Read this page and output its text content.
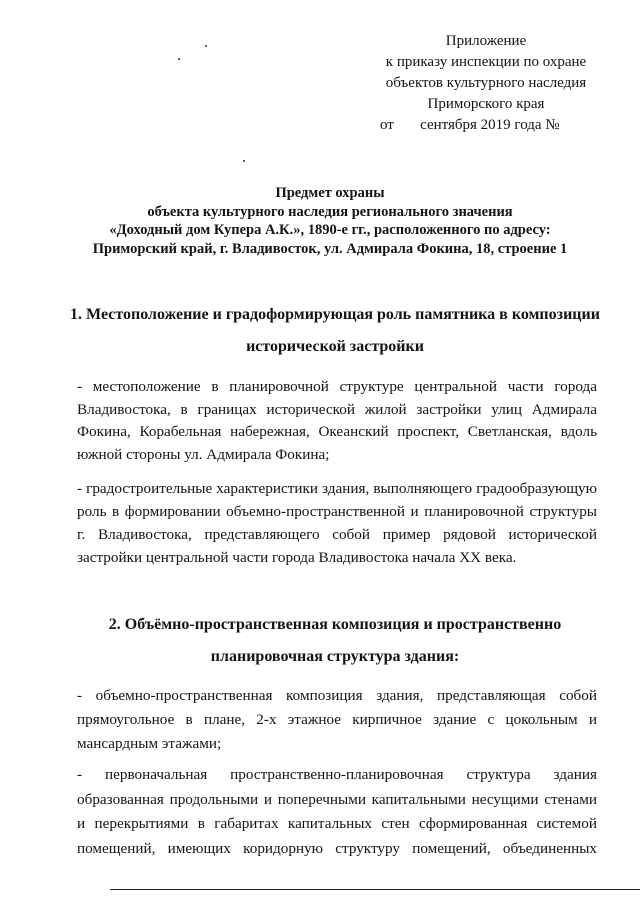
Приложение
к приказу инспекции по охране
объектов культурного наследия
Приморского края
от       сентября 2019 года №
Предмет охраны
объекта культурного наследия регионального значения
«Доходный дом Купера А.К.», 1890-е гг., расположенного по адресу:
Приморский край, г. Владивосток, ул. Адмирала Фокина, 18, строение 1
1. Местоположение и градоформирующая роль памятника в композиции
исторической застройки

- местоположение в планировочной структуре центральной части города Владивостока, в границах исторической жилой застройки улиц Адмирала Фокина, Корабельная набережная, Океанский проспект, Светланская, вдоль южной стороны ул. Адмирала Фокина;

- градостроительные характеристики здания, выполняющего градообразующую роль в формировании объемно-пространственной и планировочной структуры г. Владивостока, представляющего собой пример рядовой исторической застройки центральной части города Владивостока начала XX века.

2. Объёмно-пространственная композиция и пространственно
планировочная структура здания:

- объемно-пространственная композиция здания, представляющая собой прямоугольное в плане, 2-х этажное кирпичное здание с цокольным и мансардным этажами;

- первоначальная пространственно-планировочная структура здания образованная продольными и поперечными капитальными несущими стенами и перекрытиями в габаритах капитальных стен сформированная системой помещений, имеющих коридорную структуру помещений, объединенных
